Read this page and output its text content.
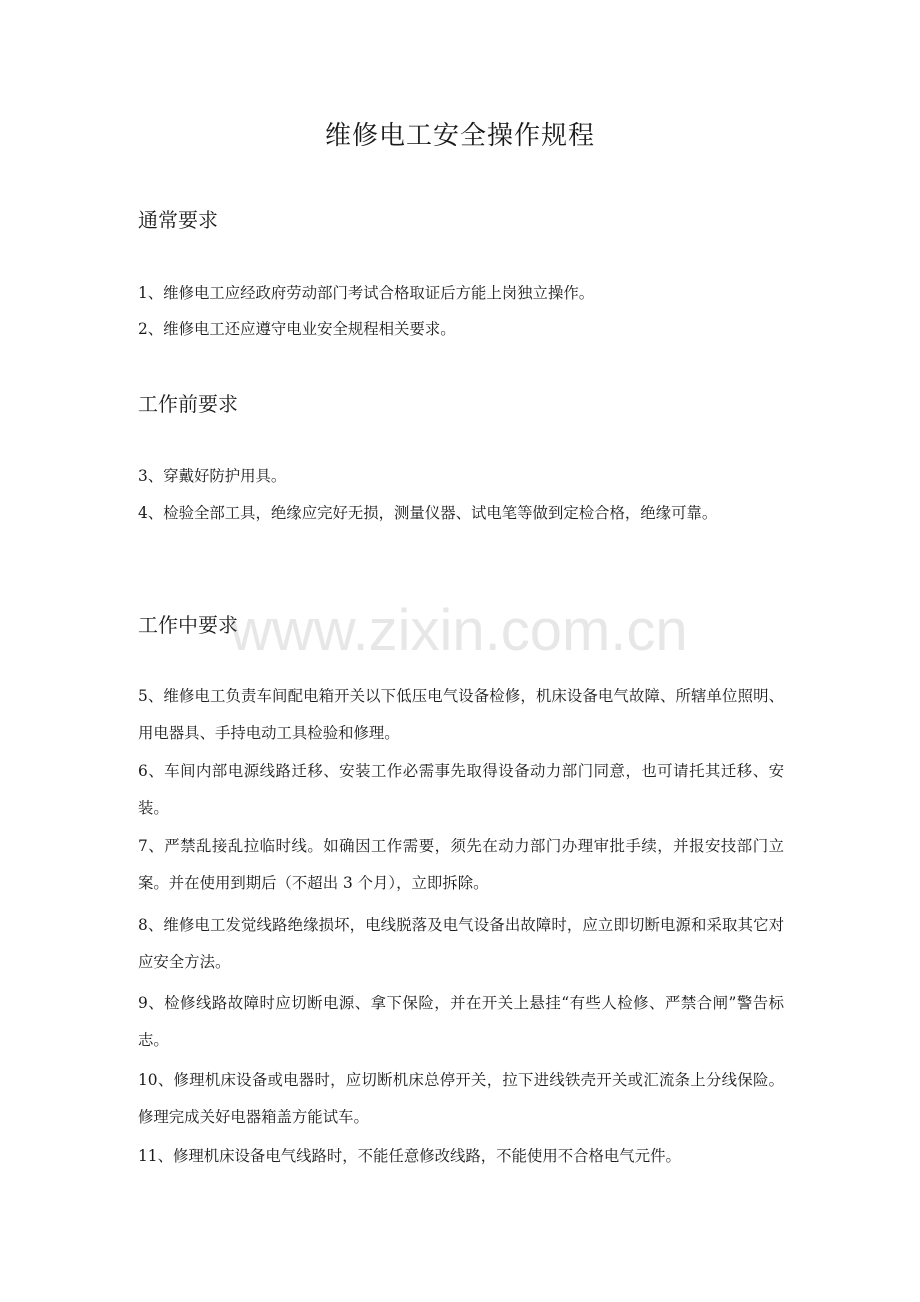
维修电工安全操作规程
通常要求
1、维修电工应经政府劳动部门考试合格取证后方能上岗独立操作。
2、维修电工还应遵守电业安全规程相关要求。
工作前要求
3、穿戴好防护用具。
4、检验全部工具，绝缘应完好无损，测量仪器、试电笔等做到定检合格，绝缘可靠。
工作中要求
5、维修电工负责车间配电箱开关以下低压电气设备检修，机床设备电气故障、所辖单位照明、用电器具、手持电动工具检验和修理。
6、车间内部电源线路迁移、安装工作必需事先取得设备动力部门同意，也可请托其迁移、安装。
7、严禁乱接乱拉临时线。如确因工作需要，须先在动力部门办理审批手续，并报安技部门立案。并在使用到期后（不超出 3 个月），立即拆除。
8、维修电工发觉线路绝缘损坏，电线脱落及电气设备出故障时，应立即切断电源和采取其它对应安全方法。
9、检修线路故障时应切断电源、拿下保险，并在开关上悬挂“有些人检修、严禁合闸”警告标志。
10、修理机床设备或电器时，应切断机床总停开关，拉下进线铁壳开关或汇流条上分线保险。修理完成关好电器箱盖方能试车。
11、修理机床设备电气线路时，不能任意修改线路，不能使用不合格电气元件。
www.zixin.com.cn
